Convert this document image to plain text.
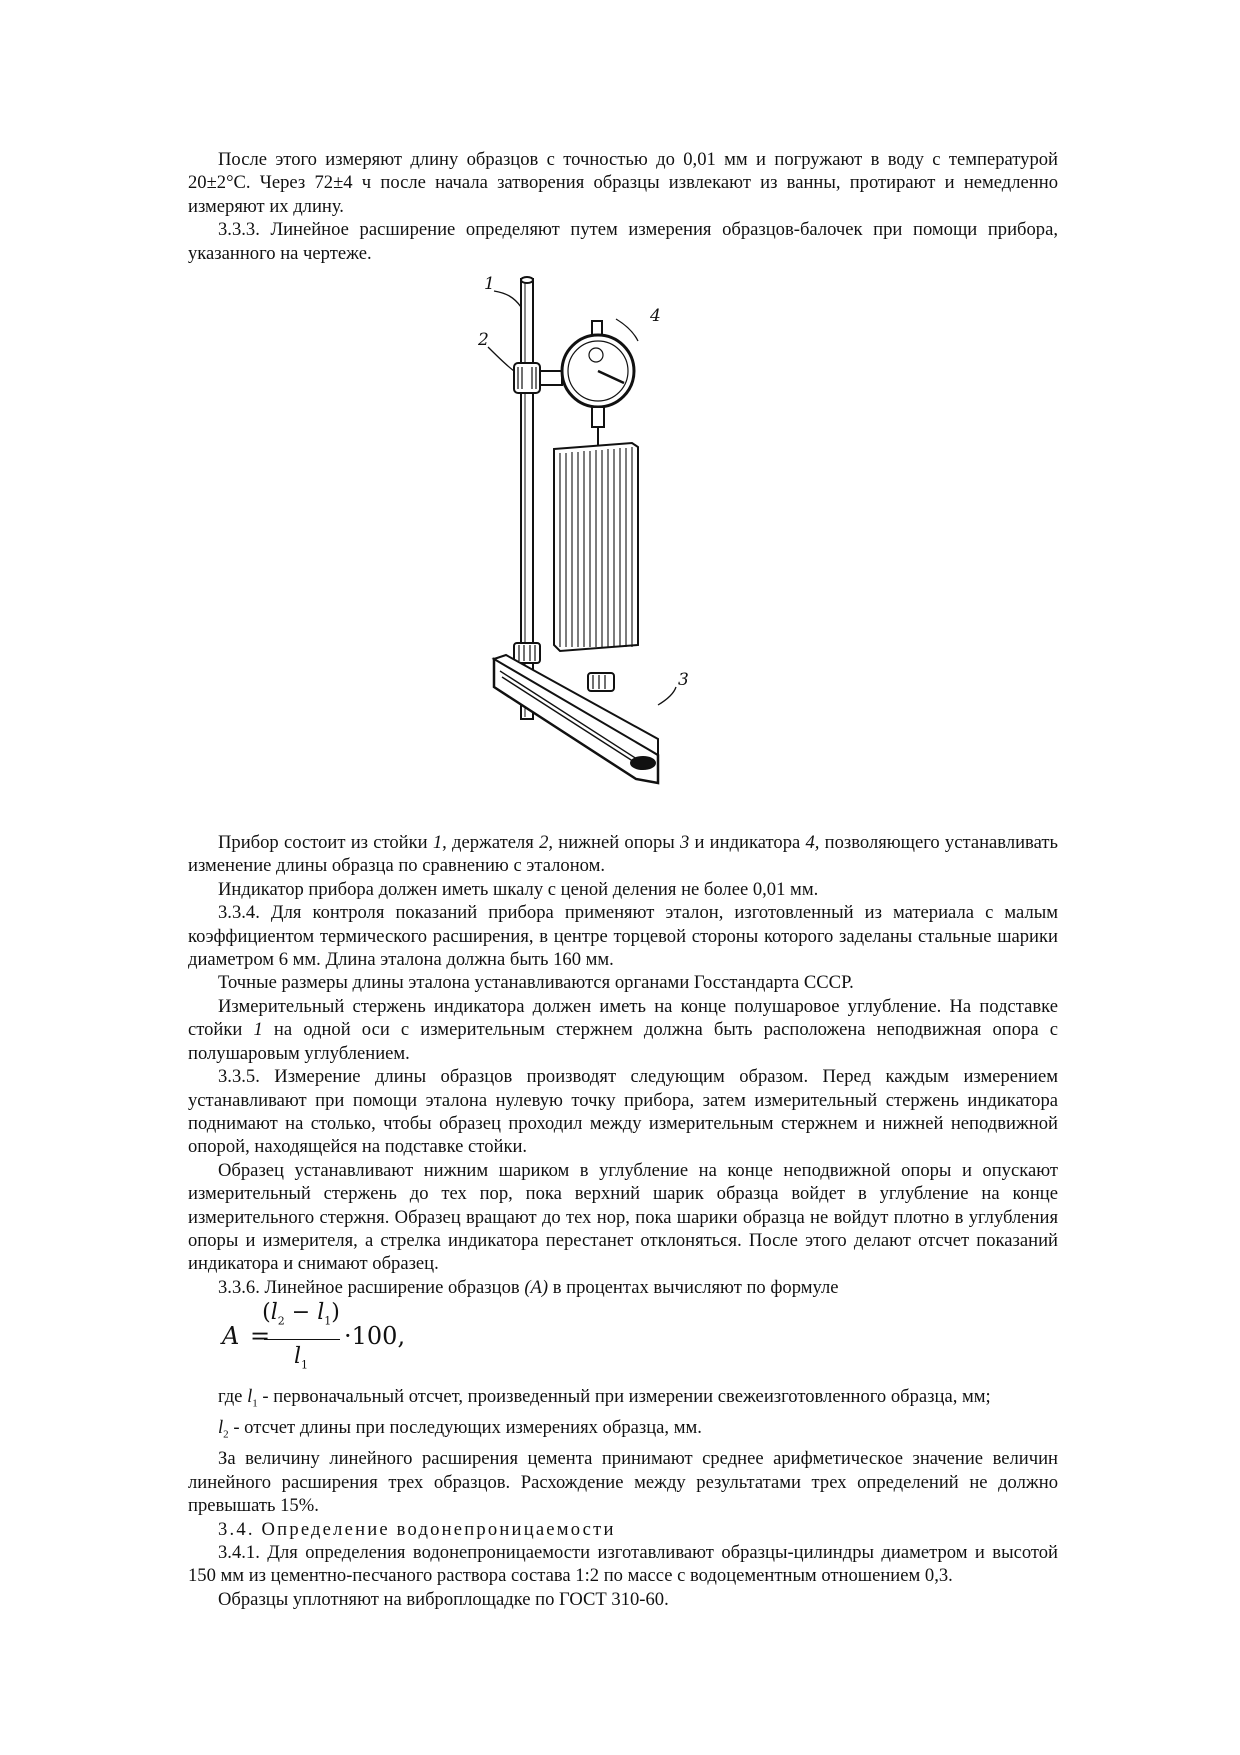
После этого измеряют длину образцов с точностью до 0,01 мм и погружают в воду с температурой 20±2°С. Через 72±4 ч после начала затворения образцы извлекают из ванны, протирают и немедленно измеряют их длину.

3.3.3. Линейное расширение определяют путем измерения образцов-балочек при помощи прибора, указанного на чертеже.

1
2
3
4

Прибор состоит из стойки 1, держателя 2, нижней опоры 3 и индикатора 4, позволяющего устанавливать изменение длины образца по сравнению с эталоном.

Индикатор прибора должен иметь шкалу с ценой деления не более 0,01 мм.

3.3.4. Для контроля показаний прибора применяют эталон, изготовленный из материала с малым коэффициентом термического расширения, в центре торцевой стороны которого заделаны стальные шарики диаметром 6 мм. Длина эталона должна быть 160 мм.

Точные размеры длины эталона устанавливаются органами Госстандарта СССР.

Измерительный стержень индикатора должен иметь на конце полушаровое углубление. На подставке стойки 1 на одной оси с измерительным стержнем должна быть расположена неподвижная опора с полушаровым углублением.

3.3.5. Измерение длины образцов производят следующим образом. Перед каждым измерением устанавливают при помощи эталона нулевую точку прибора, затем измерительный стержень индикатора поднимают на столько, чтобы образец проходил между измерительным стержнем и нижней неподвижной опорой, находящейся на подставке стойки.

Образец устанавливают нижним шариком в углубление на конце неподвижной опоры и опускают измерительный стержень до тех пор, пока верхний шарик образца войдет в углубление на конце измерительного стержня. Образец вращают до тех нор, пока шарики образца не войдут плотно в углубления опоры и измерителя, а стрелка индикатора перестанет отклоняться. После этого делают отсчет показаний индикатора и снимают образец.

3.3.6. Линейное расширение образцов (А) в процентах вычисляют по формуле

A =
$(l_2 - l_1)$
$l_1$
·100,

где $l_1$ - первоначальный отсчет, произведенный при измерении свежеизготовленного образца, мм;

$l_2$ - отсчет длины при последующих измерениях образца, мм.

За величину линейного расширения цемента принимают среднее арифметическое значение величин линейного расширения трех образцов. Расхождение между результатами трех определений не должно превышать 15%.

3.4. Определение водонепроницаемости

3.4.1. Для определения водонепроницаемости изготавливают образцы-цилиндры диаметром и высотой 150 мм из цементно-песчаного раствора состава 1:2 по массе с водоцементным отношением 0,3.

Образцы уплотняют на виброплощадке по ГОСТ 310-60.
